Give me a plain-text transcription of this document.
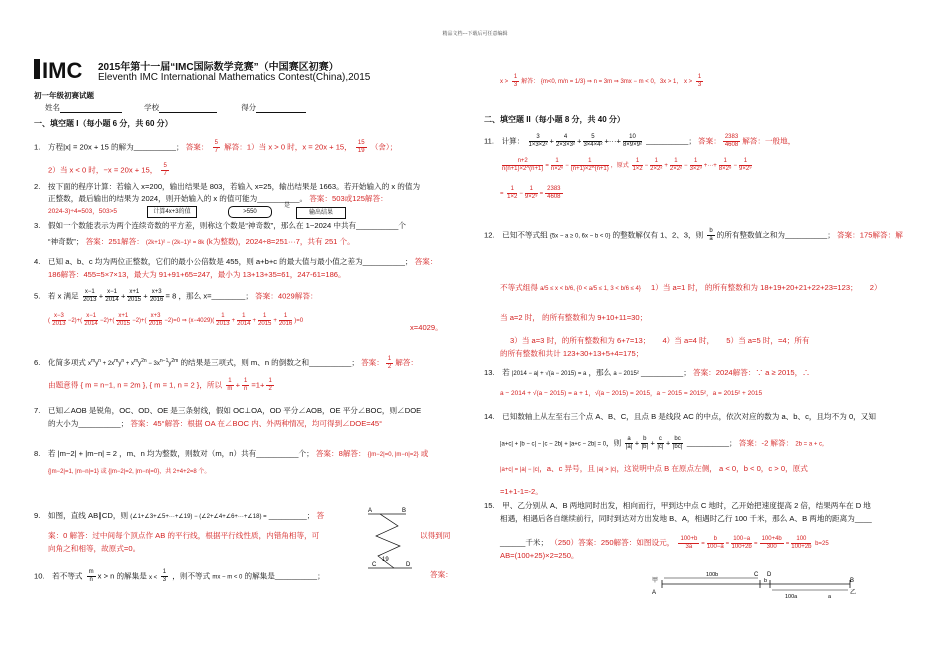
精品文档---下载后可任意编辑
IMC 2015年第十一届“IMC国际数学竞赛”（中国赛区初赛）
Eleventh IMC International Mathematics Contest(China),2015
初一年级初赛试题
姓名	学校	得分
一、填空题 I（每小题 6 分，共 60 分）
1.　方程|x| = 20x + 15 的解为__________； 答案： $\frac{5}{7}$ 解答：1）当 x > 0 时，x = 20x + 15， $\frac{15}{19}$ （舍）；
2）当 x < 0 时，−x = 20x + 15， $\frac{5}{7}$
2.　按下面的程序计算：若输入 x=200，输出结果是 803，若输入 x=25，输出结果是 1663。若开始输入的 x 的值为
正整数，最后输出的结果为 2024，则开始输入的 x 的值可能为__________。 答案：503或125解答：
2024-3)÷4=503，503>5	计算4x+3的值	>550
是
输出结果
3.　假如一个数能表示为两个连续奇数的平方差，则称这个数是“神奇数”，那么在 1~2024 中共有__________个
“神奇数”； 答案：251解答： (2k+1)² − (2k−1)² = 8k (k为整数)，2024÷8=251···7，共有 251 个。
4.　已知 a、b、c 均为两位正整数，它们的最小公倍数是 455，则 a+b+c 的最大值与最小值之差为__________； 答案：
186解答：455=5×7×13，最大为 91+91+65=247，最小为 13+13+35=61，247-61=186。
5.　若 x 满足 $\frac{x-1}{2013} + \frac{x-1}{2014} + \frac{x+1}{2015} + \frac{x+3}{2016} = 8$ ，那么 x=________； 答案：4029解答：
( $\frac{x-3}{2013} -2)+( \frac{x-1}{2014} -2)+( \frac{x+1}{2015} -2)+( \frac{x+3}{2016} -2)=0$ ⇒ $(x-4029)( \frac{1}{2013} + \frac{1}{2014} + \frac{1}{2015} + \frac{1}{2016} )=0$
x=4029。
6.　化简多项式 $x^my^n + 2x^my^n + x^my^{2n} - 3x^{n-1}y^{2m}$ 的结果是三项式，则 m、n 的倒数之和__________； 答案： $\frac{1}{2}$ 解答：
由题意得 { m = n−1, n = 2m }, { m = 1, n = 2 }，所以 $\frac{1}{m} + \frac{1}{n} =1+ \frac{1}{2}$
7.　已知∠AOB 是锐角，OC、OD、OE 是三条射线，假如 OC⊥OA，OD 平分∠AOB，OE 平分∠BOC，则∠DOE
的大小为__________； 答案：45°解答：根据 OA 在∠BOC 内、外两种情况，均可得到∠DOE=45°
8.　若 |m−2| + |m−n| = 2 ，m、n 均为整数，则数对（m，n）共有__________个； 答案：8解答： {|m−2|=0, |m−n|=2} 或
{|m−2|=1, |m−n|=1} 或 {|m−2|=2, |m−n|=0}，共 2+4+2=8 个。
9.　如图，直线 AB∥CD，则 (∠1+∠3+∠5+···+∠19) − (∠2+∠4+∠6+···+∠18) = _________； 答
案：0 解答：过中间每个顶点作 AB 的平行线，根据平行线性质，内错角相等，可	以得到同
向角之和相等，故原式=0。
A	B
C	D
19
10.　若不等式 $\frac{m}{n}$ x > n 的解集是 $x < \frac{1}{3}$ ，则不等式 mx − m < 0 的解集是__________；	答案：
$x > \frac{1}{3}$ 解答： {m<0, m/n = 1/3} ⇒ n = 3m ⇒ 3mx − m < 0，3x > 1， $x > \frac{1}{3}$
二、填空题 II（每小题 8 分，共 40 分）
11.　计算： $\frac{3}{\text{1×3×2²}} + \frac{4}{\text{2×3×3²}} + \frac{5}{\text{3×4×4²}}$ +···+ $\frac{10}{\text{8×9×9²}}$ __________； 答案： $\frac{2383}{4608}$ 解答：一般地，
$\frac{n+2}{n(n+1)\times 2\^{}(n+1)} = \frac{1}{\text{n×2ⁿ}} - \frac{1}{(n+1)\times 2\^{}(n+1)}$ ，原式 $\frac{1}{1\times 2} - \frac{1}{\text{2×2²}} + \frac{1}{\text{2×2²}} - \frac{1}{\text{3×2³}}$ +···+ $\frac{1}{\text{8×2⁸}} - \frac{1}{\text{9×2⁹}}$
= $\frac{1}{1\times 2} - \frac{1}{\text{9×2⁹}} = \frac{2383}{4608}$
12.　已知不等式组 {5x − a ≥ 0, 6x − b < 0} 的整数解仅有 1、2、3，则 $\frac{b}{a}$ 的所有整数值之和为__________； 答案：175解答：解
不等式组得 a/5 ≤ x < b/6, {0 < a/5 ≤ 1, 3 < b/6 ≤ 4} 1）当 a=1 时， 的所有整数和为 18+19+20+21+22+23=123； 2）
当 a=2 时， 的所有整数和为 9+10+11=30；
3）当 a=3 时，的所有整数和为 6+7=13； 4）当 a=4 时， 5）当 a=5 时，=4；所有
的所有整数和共计 123+30+13+5+4=175；
13.　若 |2014 − a| + √(a − 2015) = a ，那么 a − 2015² __________； 答案：2024解答：∵ a ≥ 2015，∴
a − 2014 + √(a − 2015) = a + 1，√(a − 2015) = 2015，a − 2015 = 2015²，a = 2015² + 2015
14.　已知数轴上从左至右三个点 A、B、C，且点 B 是线段 AC 的中点，依次对应的数为 a、b、c，且均不为 0，又知
|a+c| + |b − c| − |c − 2b| + |a+c − 2b| = 0，则 $\frac{a}{|a|} + \frac{b}{|b|} + \frac{c}{|c|} + \frac{bc}{|bc|}$ __________； 答案：-2 解答： 2b = a + c，
|a+c| = |a| − |c|，a、c 异号，且 |a| > |c|，这说明中点 B 在原点左侧， a < 0，b < 0，c > 0，原式
=1+1-1=-2。
15.　甲、乙分别从 A、B 两地同时出发，相向而行，甲到达中点 C 地时，乙开始把速度提高 2 倍，结果两车在 D 地
相遇，相遇后各自继续前行，同时到达对方出发地 B、A，相遇时乙行 100 千米，那么 A、B 两地的距离为____
______千米； （250）答案：250解答：如图设元， $\frac{100+b}{3a} = \frac{b}{100-a} = \frac{100-a}{100+2b} = \frac{100+4b}{300} = \frac{100}{100+2b} b=25$
AB=(100+25)×2=250。
甲
A
C D
B
乙
100b
100a	a
b
